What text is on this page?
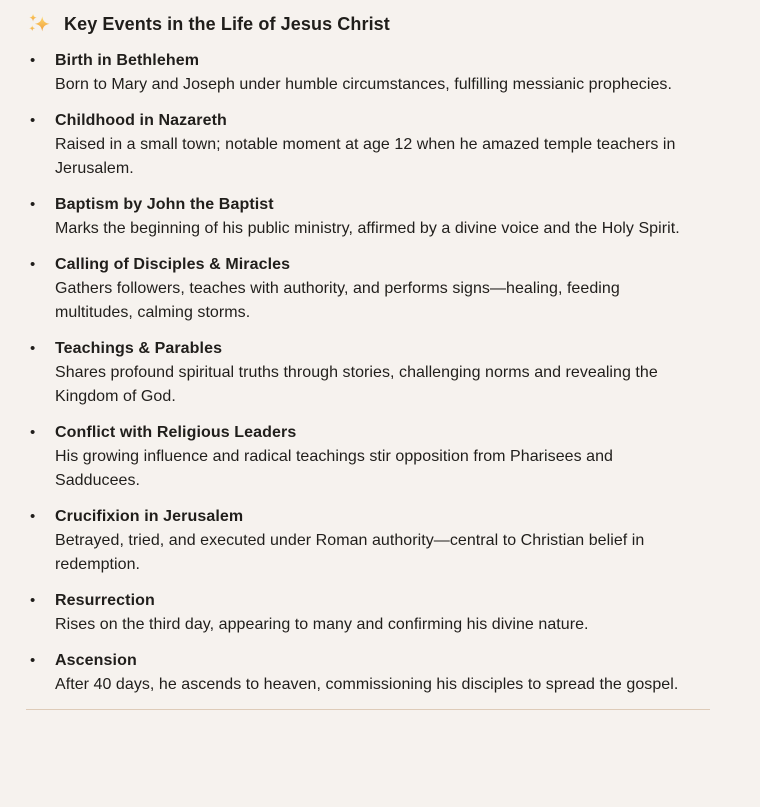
Key Events in the Life of Jesus Christ
•	Birth in Bethlehem
Born to Mary and Joseph under humble circumstances, fulfilling messianic prophecies.
•	Childhood in Nazareth
Raised in a small town; notable moment at age 12 when he amazed temple teachers in Jerusalem.
•	Baptism by John the Baptist
Marks the beginning of his public ministry, affirmed by a divine voice and the Holy Spirit.
•	Calling of Disciples & Miracles
Gathers followers, teaches with authority, and performs signs—healing, feeding multitudes, calming storms.
•	Teachings & Parables
Shares profound spiritual truths through stories, challenging norms and revealing the Kingdom of God.
•	Conflict with Religious Leaders
His growing influence and radical teachings stir opposition from Pharisees and Sadducees.
•	Crucifixion in Jerusalem
Betrayed, tried, and executed under Roman authority—central to Christian belief in redemption.
•	Resurrection
Rises on the third day, appearing to many and confirming his divine nature.
•	Ascension
After 40 days, he ascends to heaven, commissioning his disciples to spread the gospel.
